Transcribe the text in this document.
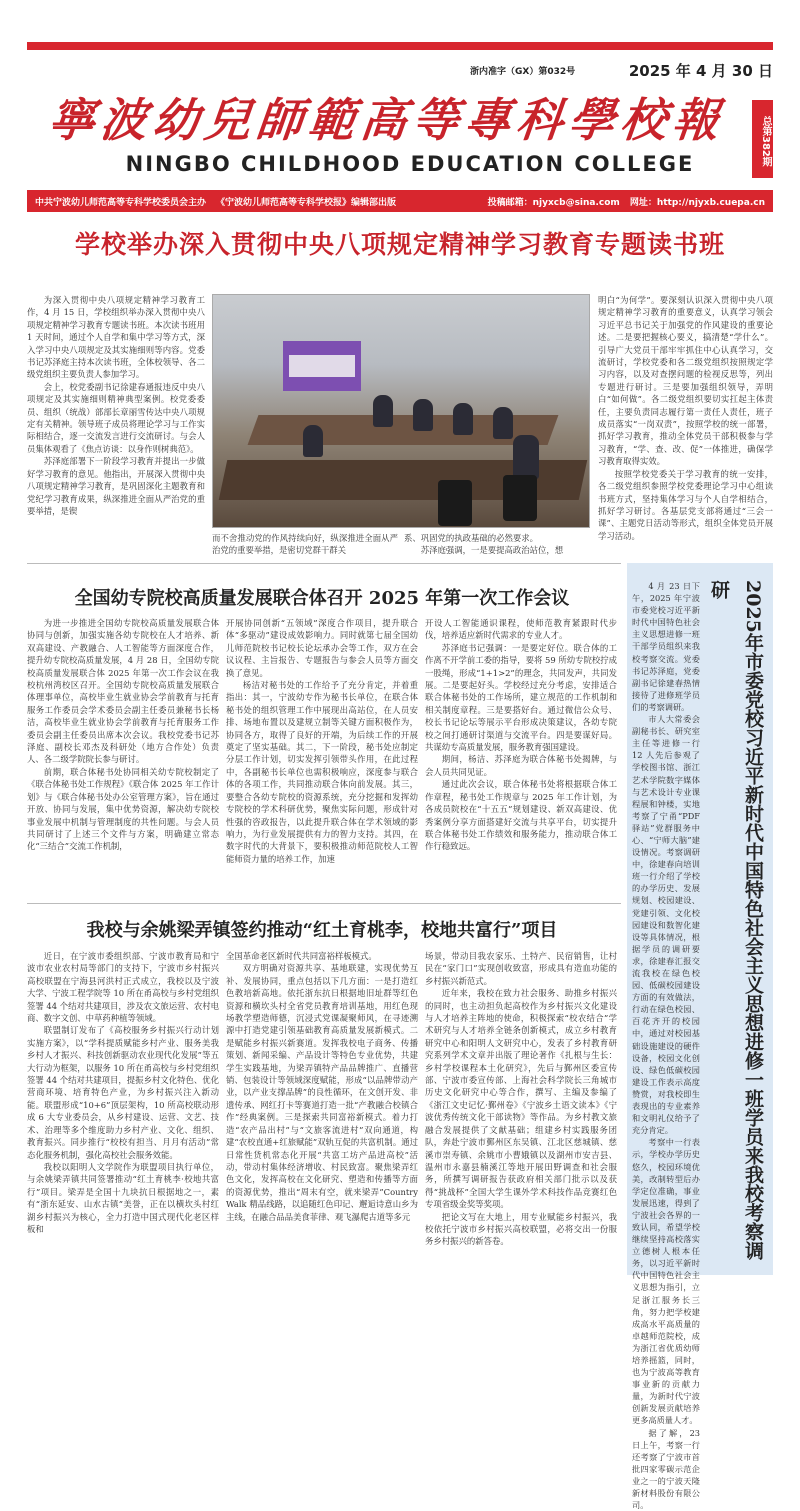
浙内准字（GX）第032号	2025 年 4 月 30 日
寧波幼兒師範高等專科學校報
NINGBO CHILDHOOD EDUCATION COLLEGE	总第382期
中共宁波幼儿师范高等专科学校委员会主办 《宁波幼儿师范高等专科学校报》编辑部出版	投稿邮箱：njyxcb@sina.com 网址：http://njyxb.cuepa.cn
学校举办深入贯彻中央八项规定精神学习教育专题读书班

为深入贯彻中央八项规定精神学习教育工作，4 月 15 日，学校组织举办深入贯彻中央八项规定精神学习教育专题读书班。本次读书班用 1 天时间，通过个人自学和集中学习等方式，深入学习中央八项规定及其实施细则等内容。党委书记苏泽庭主持本次读书班，全体校领导、各二级党组织主要负责人参加学习。

会上，校党委副书记徐建春通报违反中央八项规定及其实施细则精神典型案例。校党委委员、组织（统战）部部长章丽雪传达中央八项规定有关精神。领导班子成员将理论学习与工作实际相结合，逐一交流发言进行交流研讨。与会人员集体观看了《焦点访谈：以身作则树典范》。

苏泽庭部署下一阶段学习教育并提出一步做好学习教育的意见。他指出，开展深入贯彻中央八项规定精神学习教育，是巩固深化主题教育和党纪学习教育成果，纵深推进全面从严治党的重要举措，是锲

而不舍推动党的作风持续向好，纵深推进全面从严治党的重要举措，是密切党群干群关

系、巩固党的执政基础的必然要求。

苏泽庭强调，一是要提高政治站位，想

明白“为何学”。要深刻认识深入贯彻中央八项规定精神学习教育的重要意义，认真学习领会习近平总书记关于加强党的作风建设的重要论述。二是要把握核心要义，搞清楚“学什么”。引导广大党员干部牢牢抓住中心认真学习，交流研讨，学校党委和各二级党组织按照规定学习内容，以及对查摆问题的检视反思等，列出专题进行研讨。三是要加强组织领导，弄明白“如何做”。各二级党组织要切实扛起主体责任，主要负责同志履行第一责任人责任，班子成员落实“一岗双责”，按照学校的统一部署，抓好学习教育，推动全体党员干部积极参与学习教育，“学、查、改、促”一体推进，确保学习教育取得实效。

按照学校党委关于学习教育的统一安排，各二级党组织参照学校党委理论学习中心组读书班方式，坚持集体学习与个人自学相结合，抓好学习研讨。各基层党支部将通过“三会一课”、主题党日活动等形式，组织全体党员开展学习活动。

全国幼专院校高质量发展联合体召开 2025 年第一次工作会议

为进一步推进全国幼专院校高质量发展联合体协同与创新，加强实施各幼专院校在人才培养、新双高建设、产教融合、人工智能等方面深度合作，提升幼专院校高质量发展，4 月 28 日，全国幼专院校高质量发展联合体 2025 年第一次工作会议在我校杭州湾校区召开。全国幼专院校高质量发展联合体理事单位，高校毕业生就业协会学前教育与托育服务工作委员会学术委员会副主任委员兼秘书长杨洁，高校毕业生就业协会学前教育与托育服务工作委员会副主任委员出席本次会议。我校党委书记苏泽庭、副校长邓杰及科研处（地方合作处）负责人、各二级学院院长参与研讨。

前期，联合体秘书处协同相关幼专院校制定了《联合体秘书处工作规程》《联合体 2025 年工作计划》与《联合体秘书处办公室管理方案》，旨在通过开放、协同与发展，集中优势资源，解决幼专院校事业发展中机制与管理制度的共性问题。与会人员共同研讨了上述三个文件与方案，明确建立常态化“三结合”交流工作机制，

开展协同创新“五领域”深度合作项目，提升联合体“多驱动”建设成效影响力。同时就第七届全国幼儿师范院校书记校长论坛承办会等工作，双方在会议议程、主旨报告、专题报告与参会人员等方面交换了意见。

杨洁对秘书处的工作给予了充分肯定，并着重指出：其一，宁波幼专作为秘书长单位，在联合体秘书处的组织管理工作中展现出高站位，在人员安排、场地布置以及建规立制等关键方面积极作为，协同各方，取得了良好的开端，为后续工作的开展奠定了坚实基础。其二，下一阶段，秘书处应制定分层工作计划，切实发挥引领带头作用，在此过程中，各副秘书长单位也需积极响应，深度参与联合体的各项工作，共同推动联合体向前发展。其三，要整合各幼专院校的资源系统，充分挖掘和发挥幼专院校的学术科研优势，聚焦实际问题，形成针对性强的咨政报告，以此提升联合体在学术领域的影响力，为行业发展提供有力的智力支持。其四，在数字时代的大背景下，要积极推动师范院校人工智能师资力量的培养工作，加速

开设人工智能通识课程，使师范教育紧跟时代步伐，培养适应新时代需求的专业人才。

苏泽庭书记强调：一是要定好位。联合体的工作离不开学前工委的指导，要将 59 所幼专院校拧成一股绳，形成“1+1>2”的理念，共同发声，共同发展。二是要起好头。学校经过充分考虑，安排适合联合体秘书处的工作场所，建立规范的工作机制和相关制度章程。三是要搭好台。通过微信公众号、校长书记论坛等展示平台形成决策建议，各幼专院校之间打通研讨渠道与交流平台。四是要谋好局。共谋幼专高质量发展，服务教育强国建设。

期间，杨洁、苏泽庭为联合体秘书处揭牌，与会人员共同见证。

通过此次会议，联合体秘书处将根据联合体工作章程，秘书处工作规章与 2025 年工作计划，为各成员院校在“十五五”规划建设、新双高建设、优秀案例分享方面搭建好交流与共享平台，切实提升联合体秘书处工作绩效和服务能力，推动联合体工作行稳致远。

我校与余姚梁弄镇签约推动“红土育桃李，校地共富行”项目

近日，在宁波市委组织部、宁波市教育局和宁波市农业农村局等部门的支持下，宁波市乡村振兴高校联盟在宁海县河洪村正式成立，我校以及宁波大学、宁波工程学院等 10 所在甬高校与乡村党组织签署 44 个结对共建项目，涉及农文旅运营、农村电商、数字文创、中草药种植等领域。

联盟制订发布了《高校服务乡村振兴行动计划实施方案》，以“学科提质赋能乡村产业、服务美我乡村人才振兴、科技创新驱动农业现代化发展”等五大行动为框架，以服务 10 所在甬高校与乡村党组织签署 44 个结对共建项目，提振乡村文化特色、优化营商环境、培育特色产业，为乡村振兴注入新动能。联盟形成“10+6”顶层架构，10 所高校联动形成 6 大专业委员会，从乡村建设、运营、文艺、技术、治理等多个维度助力乡村产业、文化、组织、教育振兴。同步推行“校校有担当、月月有活动”常态化服务机制，强化高校社会服务效能。

我校以阳明人文学院作为联盟项目执行单位，与余姚梁弄镇共同签署推动“红土育桃李·校地共富行”项目。梁弄是全国十九块抗日根据地之一，素有“浙东延安、山水古镇”美誉，正在以横坎头村红湖乡村振兴为核心，全力打造中国式现代化老区样板和

全国革命老区新时代共同富裕样板模式。

双方明确对资源共享、基地联建，实现优势互补、发展协同，重点包括以下几方面：一是打造红色教培新高地。依托浙东抗日根据地旧址群等红色资源和横坎头村全省党员教育培训基地，用红色现场教学塑造师德，沉浸式党课凝聚师风，在寻迹溯源中打造党建引领基础教育高质量发展新模式。二是赋能乡村振兴新赛道。发挥我校电子商务、传播策划、新闻采编、产品设计等特色专业优势，共建学生实践基地，为梁弄镇特产品品牌推广、直播营销、包装设计等领域深度赋能，形成“以品牌带动产业，以产业支撑品牌”的良性循环，在文创开发、非遗传承、网红打卡等赛道打造一批“产教融合校镇合作”经典案例。三是探索共同富裕新模式。着力打造“农产品出村”与“文旅客流进村”双向通道，构建“农校直通+红旅赋能”双轨互促的共富机制。通过日常性货机常态化开展“共富工坊产品进高校”活动，带动村集体经济增收、村民致富。聚焦梁弄红色文化，发挥高校在文化研究、塑造和传播等方面的资源优势，推出“周末有空，就来梁弄”Country Walk 精品线路，以追随红色印记、邂逅诗意山乡为主线，在融合品品美食菲律、观飞瀑爬古道等多元

场景，带动目我农家乐、土特产、民宿销售，让村民在“家门口”实现创收致富，形成具有造血功能的乡村振兴新范式。

近年来，我校在致力社会服务、助推乡村振兴的同时，也主动担负起高校作为乡村振兴文化建设与人才培养主阵地的使命，积极探索“校农结合”学术研究与人才培养全链条创新模式，成立乡村教育研究中心和阳明人文研究中心，发表了乡村教育研究系列学术文章并出版了理论著作《扎根与生长：乡村学校课程本土化研究》，先后与鄞州区委宣传部、宁波市委宣传部、上海社会科学院长三角城市历史文化研究中心等合作，撰写、主编及参编了《浙江文史记忆·鄞州卷》《宁波乡土语文读本》《宁波优秀传统文化干部读物》等作品。为乡村教文旅融合发展提供了文献基础；组建乡村实践服务团队，奔赴宁波市鄞州区东吴镇、江北区慈城镇、慈溪市崇寿镇、余姚市小曹娥镇以及湖州市安吉县、温州市永嘉县楠溪江等地开展田野调查和社会服务，所撰写调研报告获政府相关部门批示以及获得“挑战杯”全国大学生课外学术科技作品竞赛红色专项省级金奖等奖项。

把论文写在大地上，用专业赋能乡村振兴，我校依托宁波市乡村振兴高校联盟，必将交出一份服务乡村振兴的新答卷。

4 月 23 日下午，2025 年宁波市委党校习近平新时代中国特色社会主义思想进修一班干部学员组织来我校考察交流。党委书记苏泽庭，党委副书记徐建春热情接待了进修班学员们的考察调研。

市人大常委会副秘书长、研究室主任等进修一行 12 人先后参观了学校图书馆、浙江艺术学院数字媒体与艺术设计专业课程展和钟楼，实地考察了宁甬“PDF 驿站”党群服务中心、“宁师大脑”建设情况。考察调研中，徐建春向培训班一行介绍了学校的办学历史、发展规划、校园建设、党建引领、文化校园建设和数智化建设等具体情况，根据学员的调研要求，徐建春汇报交流我校在绿色校园、低碳校园建设方面的有效做法，行动在绿色校园、百花齐开的校园中，通过对校园基础设施建设的硬件设备，校园文化创设、绿色低碳校园建设工作表示高度赞赏，对我校即生表现出的专业素养和文明礼仪给予了充分肯定。

考察中一行表示，学校办学历史悠久，校园环境优美，改制转型后办学定位准确，事业发展迅速，得到了宁波社会各界的一致认同，希望学校继续坚持高校落实立德树人根本任务，以习近平新时代中国特色社会主义思想为指引，立足浙江服务长三角，努力把学校建成高水平高质量的卓越师范院校，成为浙江省优质幼师培养摇篮，同时，也为宁波高等教育事业新的贡献力量，为新时代宁波创新发展贡献培养更多高质量人才。

据了解，23 日上午，考察一行还考察了宁波市首批四家零碳示范企业之一的宁波天隆新材料股份有限公司。

2025年市委党校习近平新时代中国特色社会主义思想进修一班学员来我校考察调研
